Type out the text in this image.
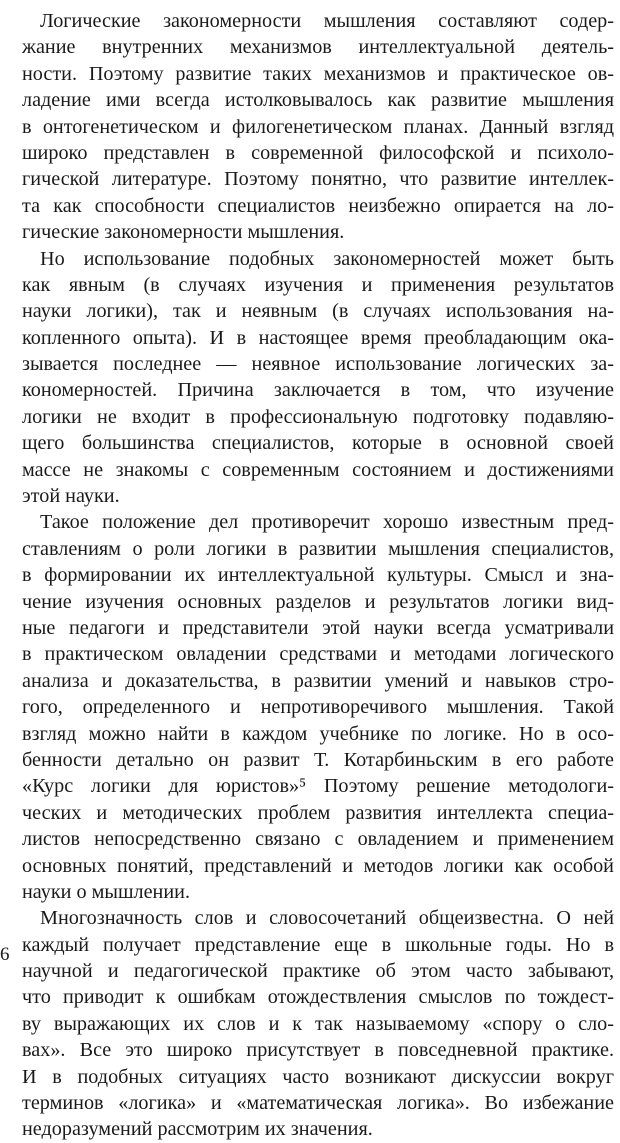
Логические закономерности мышления составляют содер-
жание внутренних механизмов интеллектуальной деятель-
ности. Поэтому развитие таких механизмов и практическое ов-
ладение ими всегда истолковывалось как развитие мышления
в онтогенетическом и филогенетическом планах. Данный взгляд
широко представлен в современной философской и психоло-
гической литературе. Поэтому понятно, что развитие интеллек-
та как способности специалистов неизбежно опирается на ло-
гические закономерности мышления.
Но использование подобных закономерностей может быть
как явным (в случаях изучения и применения результатов
науки логики), так и неявным (в случаях использования на-
копленного опыта). И в настоящее время преобладающим ока-
зывается последнее — неявное использование логических за-
кономерностей. Причина заключается в том, что изучение
логики не входит в профессиональную подготовку подавляю-
щего большинства специалистов, которые в основной своей
массе не знакомы с современным состоянием и достижениями
этой науки.
Такое положение дел противоречит хорошо известным пред-
ставлениям о роли логики в развитии мышления специалистов,
в формировании их интеллектуальной культуры. Смысл и зна-
чение изучения основных разделов и результатов логики вид-
ные педагоги и представители этой науки всегда усматривали
в практическом овладении средствами и методами логического
анализа и доказательства, в развитии умений и навыков стро-
гого, определенного и непротиворечивого мышления. Такой
взгляд можно найти в каждом учебнике по логике. Но в осо-
бенности детально он развит Т. Котарбиньским в его работе
«Курс логики для юристов»⁵ Поэтому решение методологи-
ческих и методических проблем развития интеллекта специа-
листов непосредственно связано с овладением и применением
основных понятий, представлений и методов логики как особой
науки о мышлении.
Многозначность слов и словосочетаний общеизвестна. О ней
каждый получает представление еще в школьные годы. Но в
научной и педагогической практике об этом часто забывают,
что приводит к ошибкам отождествления смыслов по тождест-
ву выражающих их слов и к так называемому «спору о сло-
вах». Все это широко присутствует в повседневной практике.
И в подобных ситуациях часто возникают дискуссии вокруг
терминов «логика» и «математическая логика». Во избежание
недоразумений рассмотрим их значения.
6
